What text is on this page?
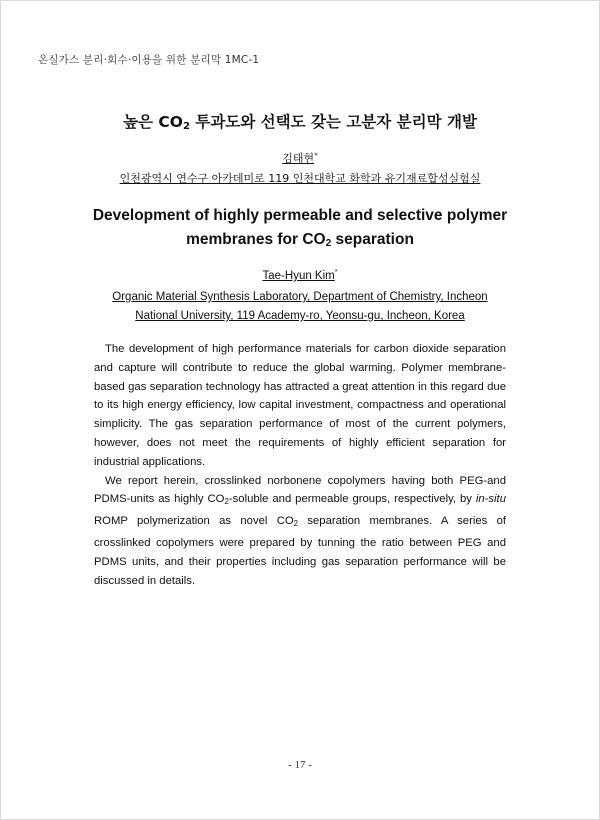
온실가스 분리·회수·이용을 위한 분리막 1MC-1
높은 $CO_2$ 투과도와 선택도 갖는 고분자 분리막 개발
김태현*
인천광역시 연수구 아카데미로 119 인천대학교 화학과 유기재료합성실험실
Development of highly permeable and selective polymer
membranes for $CO_2$ separation
Tae-Hyun Kim*
Organic Material Synthesis Laboratory, Department of Chemistry, Incheon
National University, 119 Academy-ro, Yeonsu-gu, Incheon, Korea

The development of high performance materials for carbon dioxide separation and capture will contribute to reduce the global warming. Polymer membrane-based gas separation technology has attracted a great attention in this regard due to its high energy efficiency, low capital investment, compactness and operational simplicity. The gas separation performance of most of the current polymers, however, does not meet the requirements of highly efficient separation for industrial applications.

We report herein, crosslinked norbonene copolymers having both PEG-and PDMS-units as highly $CO_2$-soluble and permeable groups, respectively, by in-situ ROMP polymerization as novel $CO_2$ separation membranes. A series of crosslinked copolymers were prepared by tunning the ratio between PEG and PDMS units, and their properties including gas separation performance will be discussed in details.

- 17 -
